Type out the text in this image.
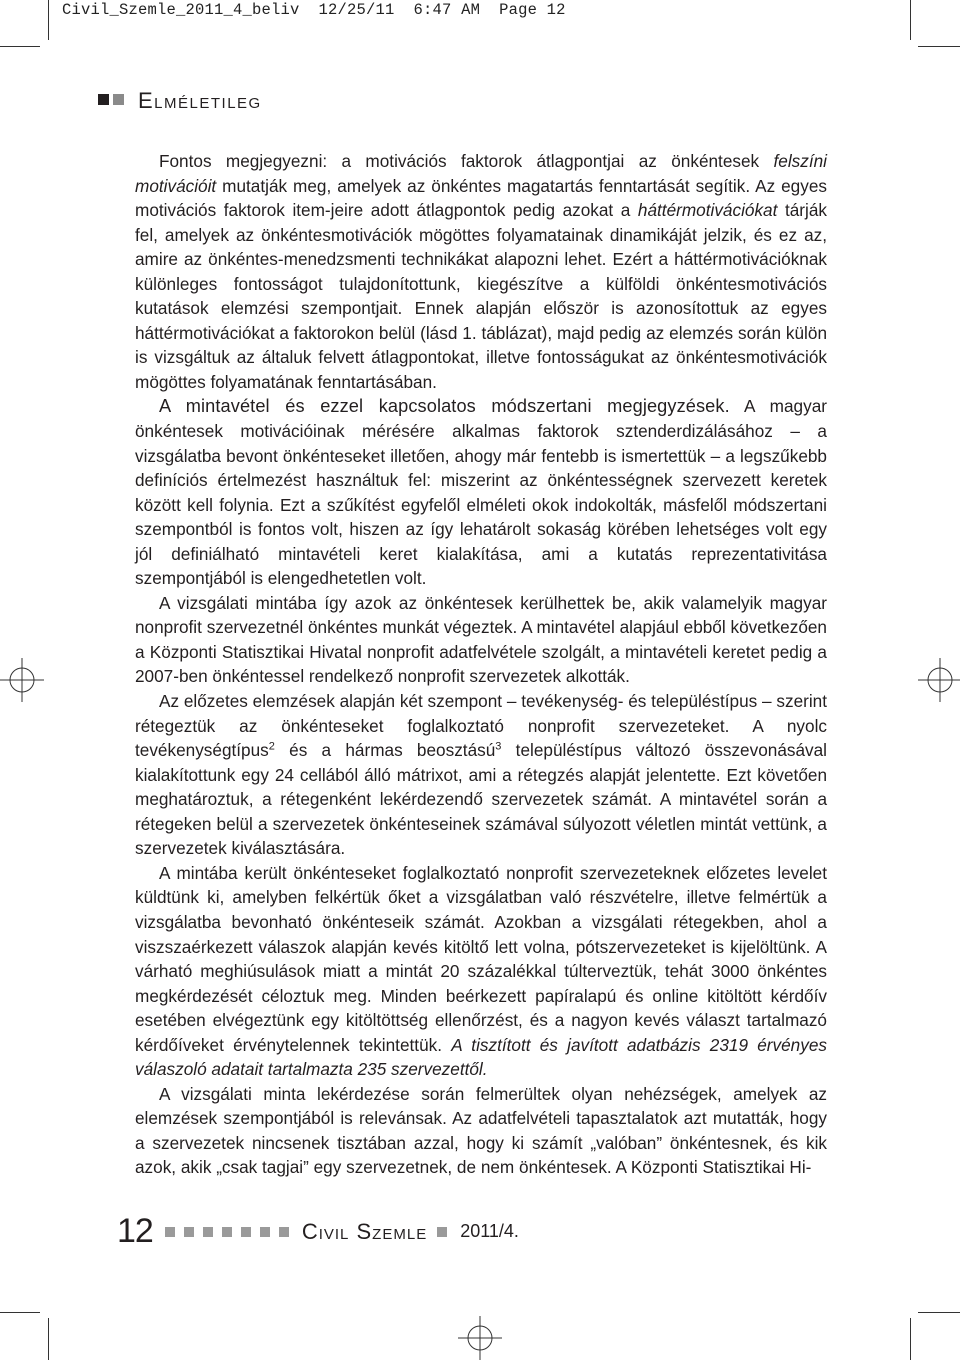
Civil_Szemle_2011_4_beliv  12/25/11  6:47 AM  Page 12
Elméletileg

Fontos megjegyezni: a motivációs faktorok átlagpontjai az önkéntesek felszíni motivációit mutatják meg, amelyek az önkéntes magatartás fenntartását segítik. Az egyes motivációs faktorok item-jeire adott átlagpontok pedig azokat a háttérmotivációkat tárják fel, amelyek az önkéntesmotivációk mögöttes folyamatainak dinamikáját jelzik, és ez az, amire az önkéntes-menedzsmenti technikákat alapozni lehet. Ezért a háttérmotivációknak különleges fontosságot tulajdonítottunk, kiegészítve a külföldi önkéntesmotivációs kutatások elemzési szempontjait. Ennek alapján először is azonosítottuk az egyes háttérmotivációkat a faktorokon belül (lásd 1. táblázat), majd pedig az elemzés során külön is vizsgáltuk az általuk felvett átlagpontokat, illetve fontosságukat az önkéntesmotivációk mögöttes folyamatának fenntartásában.

A mintavétel és ezzel kapcsolatos módszertani megjegyzések. A magyar önkéntesek motivációinak mérésére alkalmas faktorok sztenderdizálásához – a vizsgálatba bevont önkénteseket illetően, ahogy már fentebb is ismertettük – a legszűkebb definíciós értelmezést használtuk fel: miszerint az önkéntességnek szervezett keretek között kell folynia. Ezt a szűkítést egyfelől elméleti okok indokolták, másfelől módszertani szempontból is fontos volt, hiszen az így lehatárolt sokaság körében lehetséges volt egy jól definiálható mintavételi keret kialakítása, ami a kutatás reprezentativitása szempontjából is elengedhetetlen volt.

A vizsgálati mintába így azok az önkéntesek kerülhettek be, akik valamelyik magyar nonprofit szervezetnél önkéntes munkát végeztek. A mintavétel alapjául ebből következően a Központi Statisztikai Hivatal nonprofit adatfelvétele szolgált, a mintavételi keretet pedig a 2007-ben önkéntessel rendelkező nonprofit szervezetek alkották.

Az előzetes elemzések alapján két szempont – tevékenység- és településtípus – szerint rétegeztük az önkénteseket foglalkoztató nonprofit szervezeteket. A nyolc tevékenységtípus$^2$ és a hármas beosztású$^3$ településtípus változó összevonásával kialakítottunk egy 24 cellából álló mátrixot, ami a rétegzés alapját jelentette. Ezt követően meghatároztuk, a rétegenként lekérdezendő szervezetek számát. A mintavétel során a rétegeken belül a szervezetek önkénteseinek számával súlyozott véletlen mintát vettünk, a szervezetek kiválasztására.

A mintába került önkénteseket foglalkoztató nonprofit szervezeteknek előzetes levelet küldtünk ki, amelyben felkértük őket a vizsgálatban való részvételre, illetve felmértük a vizsgálatba bevonható önkénteseik számát. Azokban a vizsgálati rétegekben, ahol a viszszaérkezett válaszok alapján kevés kitöltő lett volna, pótszervezeteket is kijelöltünk. A várható meghiúsulások miatt a mintát 20 százalékkal túlterveztük, tehát 3000 önkéntes megkérdezését céloztuk meg. Minden beérkezett papíralapú és online kitöltött kérdőív esetében elvégeztünk egy kitöltöttség ellenőrzést, és a nagyon kevés választ tartalmazó kérdőíveket érvénytelennek tekintettük. A tisztított és javított adatbázis 2319 érvényes válaszoló adatait tartalmazta 235 szervezettől.

A vizsgálati minta lekérdezése során felmerültek olyan nehézségek, amelyek az elemzések szempontjából is relevánsak. Az adatfelvételi tapasztalatok azt mutatták, hogy a szervezetek nincsenek tisztában azzal, hogy ki számít „valóban” önkéntesnek, és kik azok, akik „csak tagjai” egy szervezetnek, de nem önkéntesek. A Központi Statisztikai Hi-

12	Civil Szemle 2011/4.
